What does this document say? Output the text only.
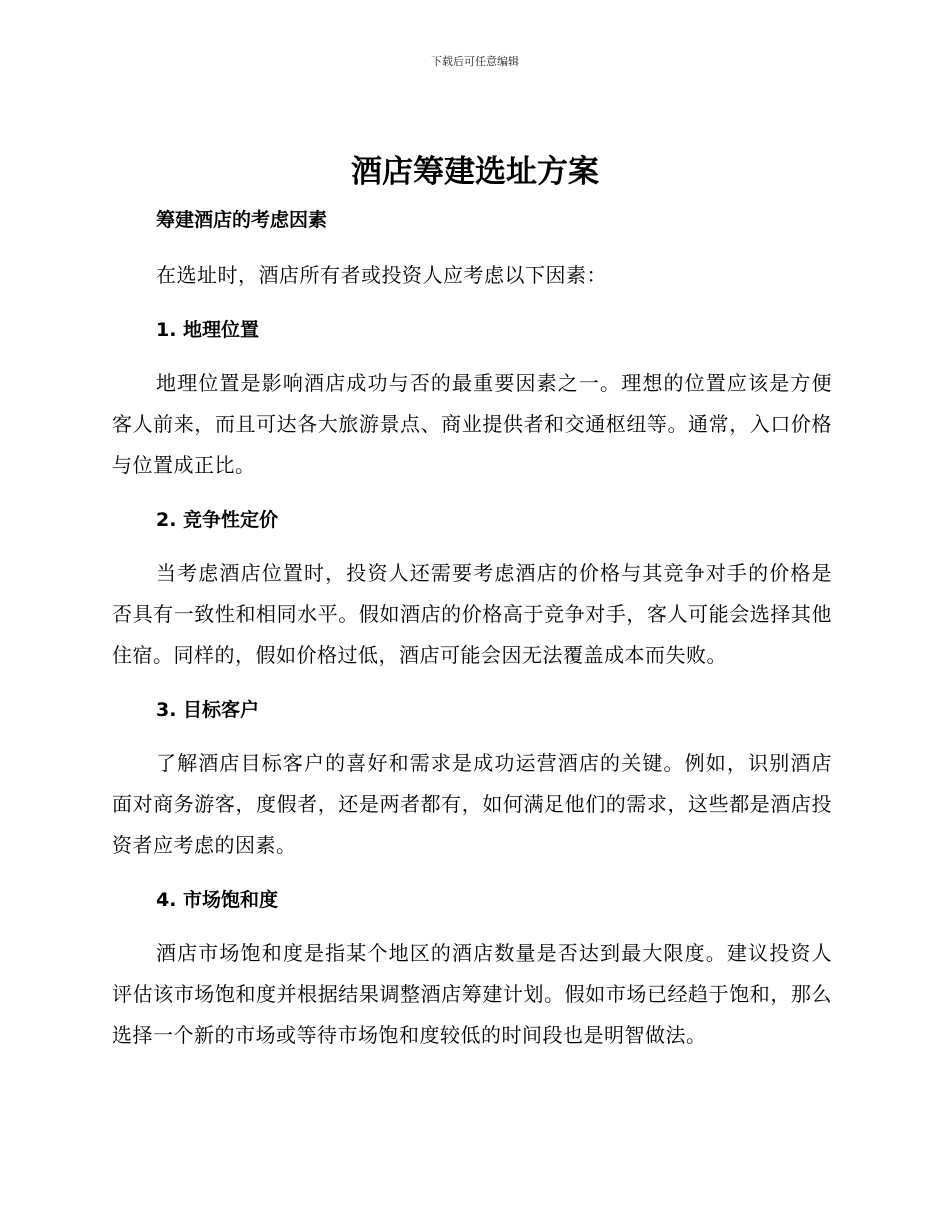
下载后可任意编辑
酒店筹建选址方案
筹建酒店的考虑因素

在选址时，酒店所有者或投资人应考虑以下因素：

1. 地理位置

地理位置是影响酒店成功与否的最重要因素之一。理想的位置应该是方便客人前来，而且可达各大旅游景点、商业提供者和交通枢纽等。通常，入口价格与位置成正比。

2. 竞争性定价

当考虑酒店位置时，投资人还需要考虑酒店的价格与其竞争对手的价格是否具有一致性和相同水平。假如酒店的价格高于竞争对手，客人可能会选择其他住宿。同样的，假如价格过低，酒店可能会因无法覆盖成本而失败。

3. 目标客户

了解酒店目标客户的喜好和需求是成功运营酒店的关键。例如，识别酒店面对商务游客，度假者，还是两者都有，如何满足他们的需求，这些都是酒店投资者应考虑的因素。

4. 市场饱和度

酒店市场饱和度是指某个地区的酒店数量是否达到最大限度。建议投资人评估该市场饱和度并根据结果调整酒店筹建计划。假如市场已经趋于饱和，那么选择一个新的市场或等待市场饱和度较低的时间段也是明智做法。
